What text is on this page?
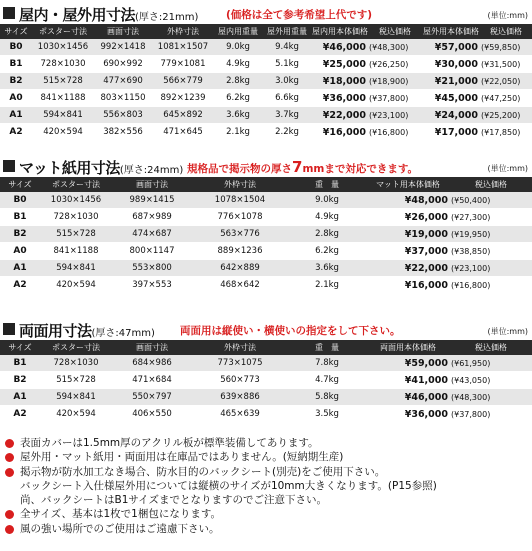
屋内・屋外用寸法(厚さ:21mm)	(価格は全て参考希望上代です)	(単位:mm)
サイズ	ポスター寸法	画面寸法	外枠寸法	屋内用重量	屋外用重量	屋内用本体価格	税込価格	屋外用本体価格	税込価格
B0	1030×1456	992×1418	1081×1507	9.0kg	9.4kg	¥46,000	(¥48,300)	¥57,000	(¥59,850)
B1	728×1030	690×992	779×1081	4.9kg	5.1kg	¥25,000	(¥26,250)	¥30,000	(¥31,500)
B2	515×728	477×690	566×779	2.8kg	3.0kg	¥18,000	(¥18,900)	¥21,000	(¥22,050)
A0	841×1188	803×1150	892×1239	6.2kg	6.6kg	¥36,000	(¥37,800)	¥45,000	(¥47,250)
A1	594×841	556×803	645×892	3.6kg	3.7kg	¥22,000	(¥23,100)	¥24,000	(¥25,200)
A2	420×594	382×556	471×645	2.1kg	2.2kg	¥16,000	(¥16,800)	¥17,000	(¥17,850)
マット紙用寸法(厚さ:24mm) 規格品で掲示物の厚さ7mmまで対応できます。	(単位:mm)
サイズ	ポスター寸法	画面寸法	外枠寸法	重　量	マット用本体価格	税込価格
B0	1030×1456	989×1415	1078×1504	9.0kg	¥48,000	(¥50,400)
B1	728×1030	687×989	776×1078	4.9kg	¥26,000	(¥27,300)
B2	515×728	474×687	563×776	2.8kg	¥19,000	(¥19,950)
A0	841×1188	800×1147	889×1236	6.2kg	¥37,000	(¥38,850)
A1	594×841	553×800	642×889	3.6kg	¥22,000	(¥23,100)
A2	420×594	397×553	468×642	2.1kg	¥16,000	(¥16,800)
両面用寸法(厚さ:47mm) 両面用は縦使い・横使いの指定をして下さい。	(単位:mm)
サイズ	ポスター寸法	画面寸法	外枠寸法	重　量	両面用本体価格	税込価格
B1	728×1030	684×986	773×1075	7.8kg	¥59,000	(¥61,950)
B2	515×728	471×684	560×773	4.7kg	¥41,000	(¥43,050)
A1	594×841	550×797	639×886	5.8kg	¥46,000	(¥48,300)
A2	420×594	406×550	465×639	3.5kg	¥36,000	(¥37,800)
表面カバーは1.5mm厚のアクリル板が標準装備してあります。
屋外用・マット紙用・両面用は在庫品ではありません。(短納期生産)
掲示物が防水加工なき場合、防水目的のバックシート(別売)をご使用下さい。
バックシート入仕様屋外用については縦横のサイズが10mm大きくなります。(P15参照)
尚、バックシートはB1サイズまでとなりますのでご注意下さい。
全サイズ、基本は1枚で1梱包になります。
風の強い場所でのご使用はご遠慮下さい。
